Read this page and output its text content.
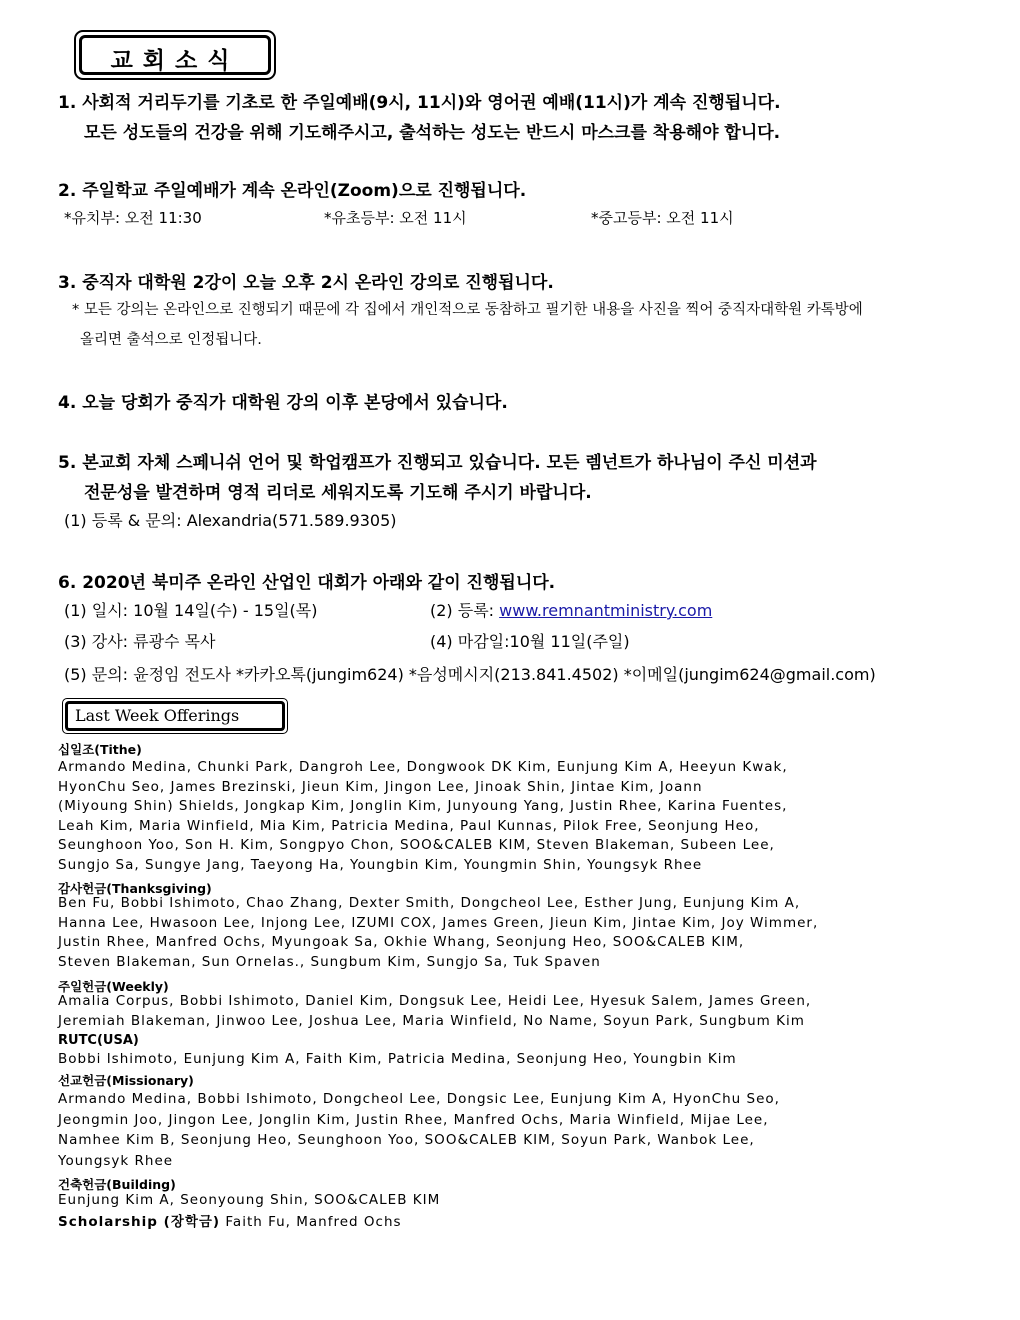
교회소식
1. 사회적 거리두기를 기초로 한 주일예배(9시, 11시)와 영어권 예배(11시)가 계속 진행됩니다.
모든 성도들의 건강을 위해 기도해주시고, 출석하는 성도는 반드시 마스크를 착용해야 합니다.
2. 주일학교 주일예배가 계속 온라인(Zoom)으로 진행됩니다.
*유치부: 오전 11:30	*유초등부: 오전 11시	*중고등부: 오전 11시
3. 중직자 대학원 2강이 오늘 오후 2시 온라인 강의로 진행됩니다.
* 모든 강의는 온라인으로 진행되기 때문에 각 집에서 개인적으로 동참하고 필기한 내용을 사진을 찍어 중직자대학원 카톡방에
올리면 출석으로 인정됩니다.
4. 오늘 당회가 중직가 대학원 강의 이후 본당에서 있습니다.
5. 본교회 자체 스페니쉬 언어 및 학업캠프가 진행되고 있습니다. 모든 렘넌트가 하나님이 주신 미션과
전문성을 발견하며 영적 리더로 세워지도록 기도해 주시기 바랍니다.
(1) 등록 & 문의: Alexandria(571.589.9305)
6. 2020년 북미주 온라인 산업인 대회가 아래와 같이 진행됩니다.
(1) 일시: 10월 14일(수) - 15일(목)	(2) 등록: www.remnantministry.com
(3) 강사: 류광수 목사	(4) 마감일:10월 11일(주일)
(5) 문의: 윤정임 전도사 *카카오톡(jungim624) *음성메시지(213.841.4502) *이메일(jungim624@gmail.com)
Last Week Offerings
십일조(Tithe)
Armando Medina, Chunki Park, Dangroh Lee, Dongwook DK Kim, Eunjung Kim A, Heeyun Kwak,
HyonChu Seo, James Brezinski, Jieun Kim, Jingon Lee, Jinoak Shin, Jintae Kim, Joann
(Miyoung Shin) Shields, Jongkap Kim, Jonglin Kim, Junyoung Yang, Justin Rhee, Karina Fuentes,
Leah Kim, Maria Winfield, Mia Kim, Patricia Medina, Paul Kunnas, Pilok Free, Seonjung Heo,
Seunghoon Yoo, Son H. Kim, Songpyo Chon, SOO&CALEB KIM, Steven Blakeman, Subeen Lee,
Sungjo Sa, Sungye Jang, Taeyong Ha, Youngbin Kim, Youngmin Shin, Youngsyk Rhee
감사헌금(Thanksgiving)
Ben Fu, Bobbi Ishimoto, Chao Zhang, Dexter Smith, Dongcheol Lee, Esther Jung, Eunjung Kim A,
Hanna Lee, Hwasoon Lee, Injong Lee, IZUMI COX, James Green, Jieun Kim, Jintae Kim, Joy Wimmer,
Justin Rhee, Manfred Ochs, Myungoak Sa, Okhie Whang, Seonjung Heo, SOO&CALEB KIM,
Steven Blakeman, Sun Ornelas., Sungbum Kim, Sungjo Sa, Tuk Spaven
주일헌금(Weekly)
Amalia Corpus, Bobbi Ishimoto, Daniel Kim, Dongsuk Lee, Heidi Lee, Hyesuk Salem, James Green,
Jeremiah Blakeman, Jinwoo Lee, Joshua Lee, Maria Winfield, No Name, Soyun Park, Sungbum Kim
RUTC(USA)
Bobbi Ishimoto, Eunjung Kim A, Faith Kim, Patricia Medina, Seonjung Heo, Youngbin Kim
선교헌금(Missionary)
Armando Medina, Bobbi Ishimoto, Dongcheol Lee, Dongsic Lee, Eunjung Kim A, HyonChu Seo,
Jeongmin Joo, Jingon Lee, Jonglin Kim, Justin Rhee, Manfred Ochs, Maria Winfield, Mijae Lee,
Namhee Kim B, Seonjung Heo, Seunghoon Yoo, SOO&CALEB KIM, Soyun Park, Wanbok Lee,
Youngsyk Rhee
건축헌금(Building)
Eunjung Kim A, Seonyoung Shin, SOO&CALEB KIM
Scholarship (장학금) Faith Fu, Manfred Ochs
